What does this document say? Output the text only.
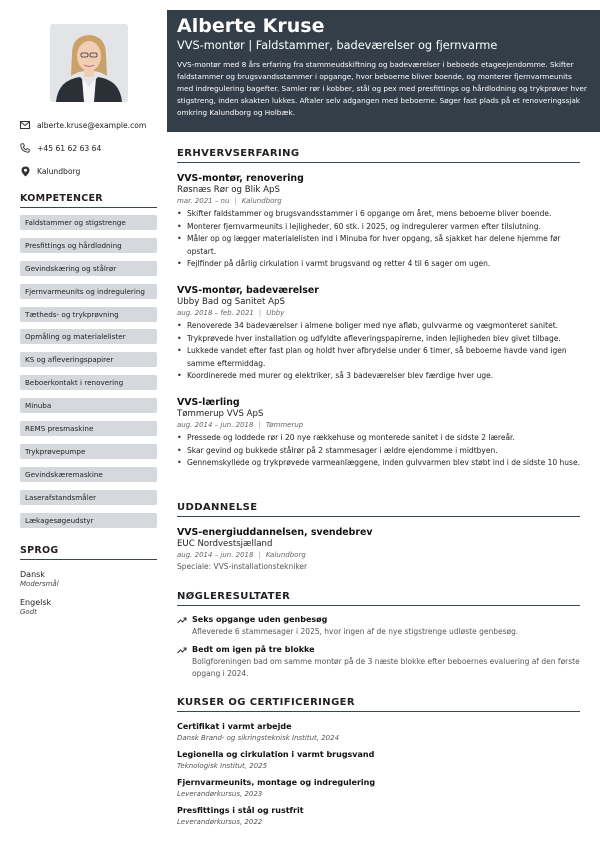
alberte.kruse@example.com
+45 61 62 63 64
Kalundborg
KOMPETENCER
Faldstammer og stigstrenge
Presfittings og hårdlodning
Gevindskæring og stålrør
Fjernvarmeunits og indregulering
Tætheds- og trykprøvning
Opmåling og materialelister
KS og afleveringspapirer
Beboerkontakt i renovering
Minuba
REMS presmaskine
Trykprøvepumpe
Gevindskæremaskine
Laserafstandsmåler
Lækagesøgeudstyr
SPROG
Dansk
Modersmål
Engelsk
Godt
Alberte Kruse
VVS-montør | Faldstammer, badeværelser og fjernvarme
VVS-montør med 8 års erfaring fra stammeudskiftning og badeværelser i beboede etageejendomme. Skifter faldstammer og brugsvandsstammer i opgange, hvor beboerne bliver boende, og monterer fjernvarmeunits med indregulering bagefter. Samler rør i kobber, stål og pex med presfittings og hårdlodning og trykprøver hver stigstreng, inden skakten lukkes. Aftaler selv adgangen med beboerne. Søger fast plads på et renoveringssjak omkring Kalundborg og Holbæk.
ERHVERVSERFARING
VVS-montør, renovering
Røsnæs Rør og Blik ApS
mar. 2021 – nu | Kalundborg
• Skifter faldstammer og brugsvandsstammer i 6 opgange om året, mens beboerne bliver boende.
• Monterer fjernvarmeunits i lejligheder, 60 stk. i 2025, og indregulerer varmen efter tilslutning.
• Måler op og lægger materialelisten ind i Minuba for hver opgang, så sjakket har delene hjemme før opstart.
• Fejlfinder på dårlig cirkulation i varmt brugsvand og retter 4 til 6 sager om ugen.
VVS-montør, badeværelser
Ubby Bad og Sanitet ApS
aug. 2018 – feb. 2021 | Ubby
• Renoverede 34 badeværelser i almene boliger med nye afløb, gulvvarme og vægmonteret sanitet.
• Trykprøvede hver installation og udfyldte afleveringspapirerne, inden lejligheden blev givet tilbage.
• Lukkede vandet efter fast plan og holdt hver afbrydelse under 6 timer, så beboerne havde vand igen samme eftermiddag.
• Koordinerede med murer og elektriker, så 3 badeværelser blev færdige hver uge.
VVS-lærling
Tømmerup VVS ApS
aug. 2014 – jun. 2018 | Tømmerup
• Pressede og loddede rør i 20 nye rækkehuse og monterede sanitet i de sidste 2 læreår.
• Skar gevind og bukkede stålrør på 2 stammesager i ældre ejendomme i midtbyen.
• Gennemskyllede og trykprøvede varmeanlæggene, inden gulvvarmen blev støbt ind i de sidste 10 huse.
UDDANNELSE
VVS-energiuddannelsen, svendebrev
EUC Nordvestsjælland
aug. 2014 – jun. 2018 | Kalundborg
Speciale: VVS-installationstekniker
NØGLERESULTATER
Seks opgange uden genbesøg
Afleverede 6 stammesager i 2025, hvor ingen af de nye stigstrenge udløste genbesøg.
Bedt om igen på tre blokke
Boligforeningen bad om samme montør på de 3 næste blokke efter beboernes evaluering af den første opgang i 2024.
KURSER OG CERTIFICERINGER
Certifikat i varmt arbejde
Dansk Brand- og sikringsteknisk Institut, 2024
Legionella og cirkulation i varmt brugsvand
Teknologisk Institut, 2025
Fjernvarmeunits, montage og indregulering
Leverandørkursus, 2023
Presfittings i stål og rustfrit
Leverandørkursus, 2022
